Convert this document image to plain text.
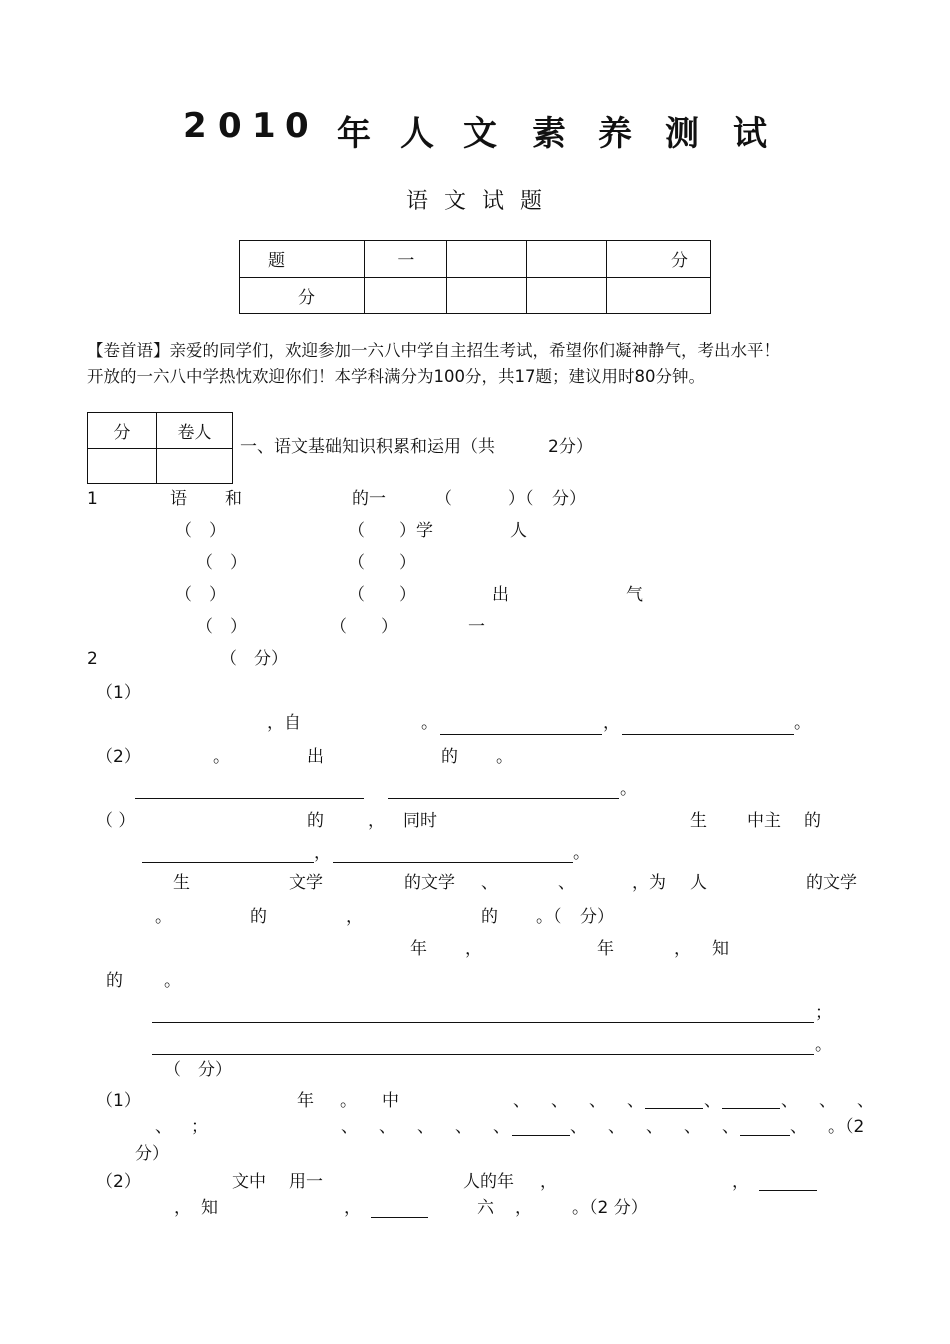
2 0 1 0 年 人 文 素 养 测 试
语 文 试 题
题	一			分
分				
【卷首语】亲爱的同学们，欢迎参加一六八中学自主招生考试，希望你们凝神静气，考出水平！
开放的一六八中学热忱欢迎你们！本学科满分为100分，共17题；建议用时80分钟。
分	卷人

一、语文基础知识积累和运用（共	2分）
1	语 和	的一	（	）（ 分）
（　）	（　　）学	人
（　）	（　　）
（　）	（　　）	出	气
（　）	（　　）	一
2	（　分）
（1）
，自	。	，	。
（2）	。	出	的 。
。
（ ）	的	， 同时	生 中主 的
，	。
生	文学	的文学 、	、	，为 人	的文学
。	的	，	的 。（ 分）
年 ，	年	， 知
的 。
；
。
（　分）
（1）	年 。 中	、 、 、 、	、	、 、 、
、 ；	、 、 、 、 、	、 、 、 、 、	、 。（2
分）
（2）	文中 用一	人的年 ，	，
， 知	，	六 ， 。（2 分）
